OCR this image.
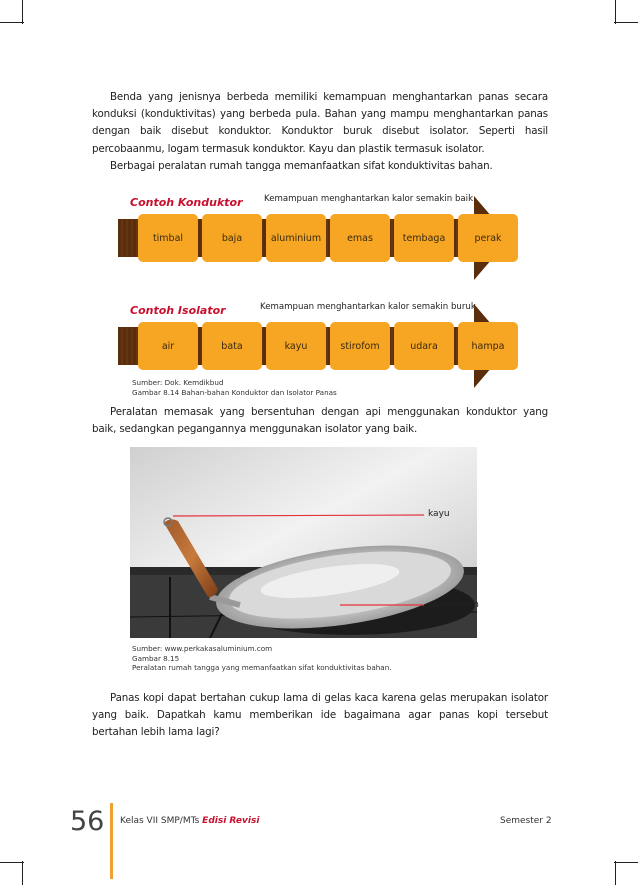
Benda yang jenisnya berbeda memiliki kemampuan menghantarkan panas secara konduksi (konduktivitas) yang berbeda pula. Bahan yang mampu menghantarkan panas dengan baik disebut konduktor. Konduktor buruk disebut isolator. Seperti hasil percobaanmu, logam termasuk konduktor. Kayu dan plastik termasuk isolator.
Berbagai peralatan rumah tangga memanfaatkan sifat konduktivitas bahan.
Contoh Konduktor Kemampuan menghantarkan kalor semakin baik
timbal	baja	aluminium	emas	tembaga	perak
Contoh Isolator	Kemampuan menghantarkan kalor semakin buruk
air	bata	kayu	stirofom	udara	hampa
Sumber: Dok. Kemdikbud
Gambar 8.14 Bahan-bahan Konduktor dan Isolator Panas
Peralatan memasak yang bersentuhan dengan api menggunakan konduktor yang baik, sedangkan pegangannya menggunakan isolator yang baik.
kayu
alumunium
Sumber: www.perkakasaluminium.com
Gambar 8.15
Peralatan rumah tangga yang memanfaatkan sifat konduktivitas bahan.
Panas kopi dapat bertahan cukup lama di gelas kaca karena gelas merupakan isolator yang baik. Dapatkah kamu memberikan ide bagaimana agar panas kopi tersebut bertahan lebih lama lagi?
56 Kelas VII SMP/MTs Edisi Revisi	Semester 2
